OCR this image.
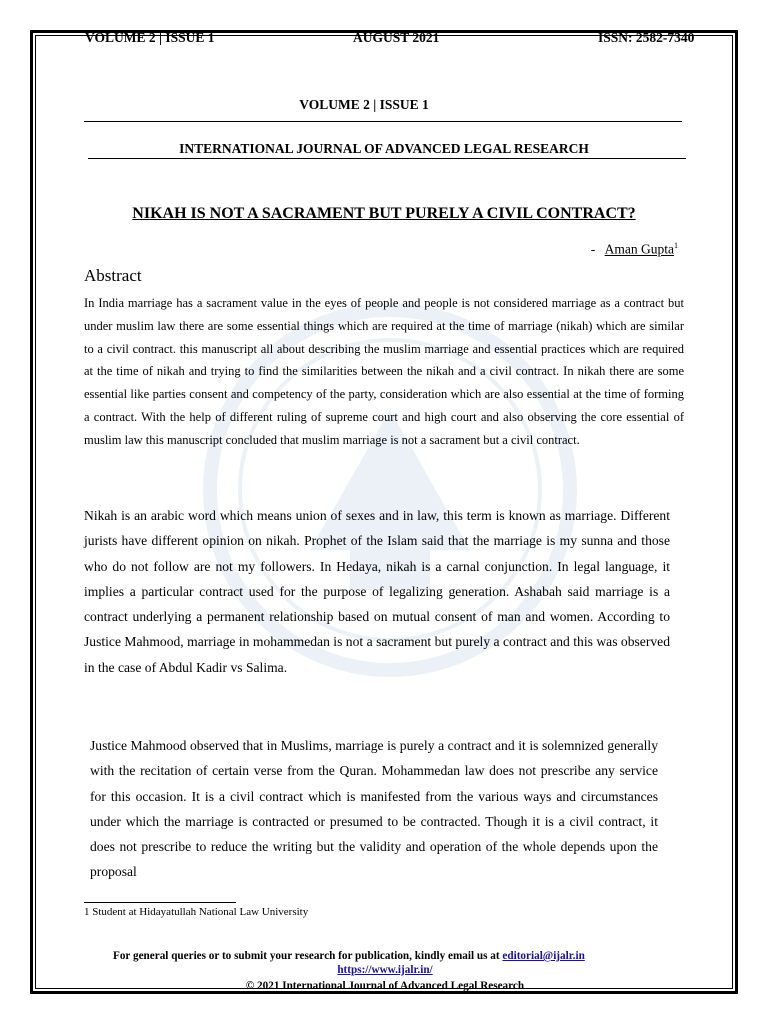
VOLUME 2 | ISSUE 1	AUGUST 2021	ISSN: 2582-7340
VOLUME 2 | ISSUE 1
INTERNATIONAL JOURNAL OF ADVANCED LEGAL RESEARCH
NIKAH IS NOT A SACRAMENT BUT PURELY A CIVIL CONTRACT?
- Aman Gupta$^1$
Abstract
In India marriage has a sacrament value in the eyes of people and people is not considered marriage as a contract but under muslim law there are some essential things which are required at the time of marriage (nikah) which are similar to a civil contract. this manuscript all about describing the muslim marriage and essential practices which are required at the time of nikah and trying to find the similarities between the nikah and a civil contract. In nikah there are some essential like parties consent and competency of the party, consideration which are also essential at the time of forming a contract. With the help of different ruling of supreme court and high court and also observing the core essential of muslim law this manuscript concluded that muslim marriage is not a sacrament but a civil contract.
Nikah is an arabic word which means union of sexes and in law, this term is known as marriage. Different jurists have different opinion on nikah. Prophet of the Islam said that the marriage is my sunna and those who do not follow are not my followers. In Hedaya, nikah is a carnal conjunction. In legal language, it implies a particular contract used for the purpose of legalizing generation. Ashabah said marriage is a contract underlying a permanent relationship based on mutual consent of man and women. According to Justice Mahmood, marriage in mohammedan is not a sacrament but purely a contract and this was observed in the case of Abdul Kadir vs Salima.
Justice Mahmood observed that in Muslims, marriage is purely a contract and it is solemnized generally with the recitation of certain verse from the Quran. Mohammedan law does not prescribe any service for this occasion. It is a civil contract which is manifested from the various ways and circumstances under which the marriage is contracted or presumed to be contracted. Though it is a civil contract, it does not prescribe to reduce the writing but the validity and operation of the whole depends upon the proposal
1 Student at Hidayatullah National Law University
For general queries or to submit your research for publication, kindly email us at editorial@ijalr.in
https://www.ijalr.in/
© 2021 International Journal of Advanced Legal Research
